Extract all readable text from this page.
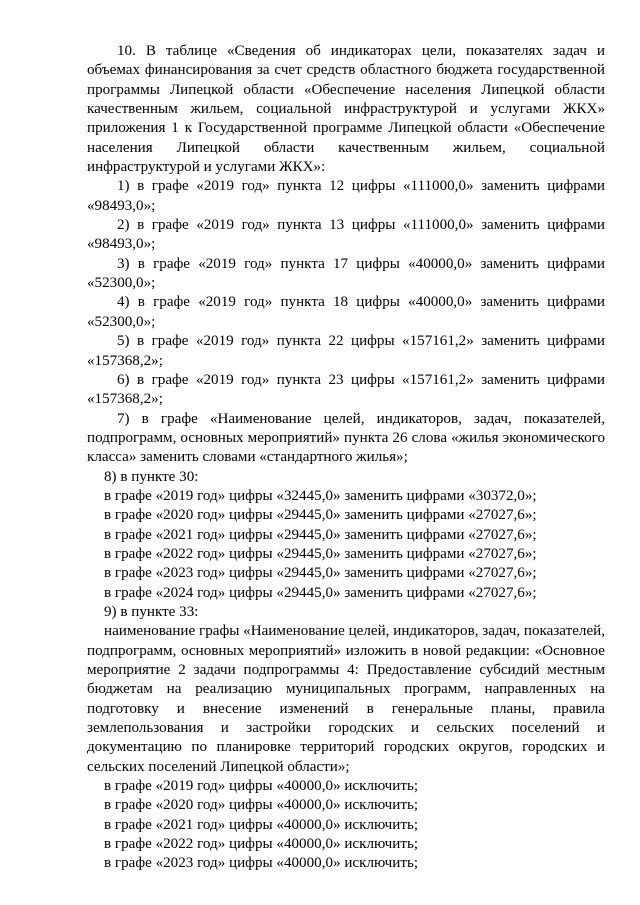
10. В таблице «Сведения об индикаторах цели, показателях задач и объемах финансирования за счет средств областного бюджета государственной программы Липецкой области «Обеспечение населения Липецкой области качественным жильем, социальной инфраструктурой и услугами ЖКХ» приложения 1 к Государственной программе Липецкой области «Обеспечение населения Липецкой области качественным жильем, социальной инфраструктурой и услугами ЖКХ»:

1) в графе «2019 год» пункта 12 цифры «111000,0» заменить цифрами «98493,0»;

2) в графе «2019 год» пункта 13 цифры «111000,0» заменить цифрами «98493,0»;

3) в графе «2019 год» пункта 17 цифры «40000,0» заменить цифрами «52300,0»;

4) в графе «2019 год» пункта 18 цифры «40000,0» заменить цифрами «52300,0»;

5) в графе «2019 год» пункта 22 цифры «157161,2» заменить цифрами «157368,2»;

6) в графе «2019 год» пункта 23 цифры «157161,2» заменить цифрами «157368,2»;

7) в графе «Наименование целей, индикаторов, задач, показателей, подпрограмм, основных мероприятий» пункта 26 слова «жилья экономического класса» заменить словами «стандартного жилья»;

8) в пункте 30:

в графе «2019 год» цифры «32445,0» заменить цифрами «30372,0»;

в графе «2020 год» цифры «29445,0» заменить цифрами «27027,6»;

в графе «2021 год» цифры «29445,0» заменить цифрами «27027,6»;

в графе «2022 год» цифры «29445,0» заменить цифрами «27027,6»;

в графе «2023 год» цифры «29445,0» заменить цифрами «27027,6»;

в графе «2024 год» цифры «29445,0» заменить цифрами «27027,6»;

9) в пункте 33:

наименование графы «Наименование целей, индикаторов, задач, показателей, подпрограмм, основных мероприятий» изложить в новой редакции: «Основное мероприятие 2 задачи подпрограммы 4: Предоставление субсидий местным бюджетам на реализацию муниципальных программ, направленных на подготовку и внесение изменений в генеральные планы, правила землепользования и застройки городских и сельских поселений и документацию по планировке территорий городских округов, городских и сельских поселений Липецкой области»;

в графе «2019 год» цифры «40000,0» исключить;

в графе «2020 год» цифры «40000,0» исключить;

в графе «2021 год» цифры «40000,0» исключить;

в графе «2022 год» цифры «40000,0» исключить;

в графе «2023 год» цифры «40000,0» исключить;
